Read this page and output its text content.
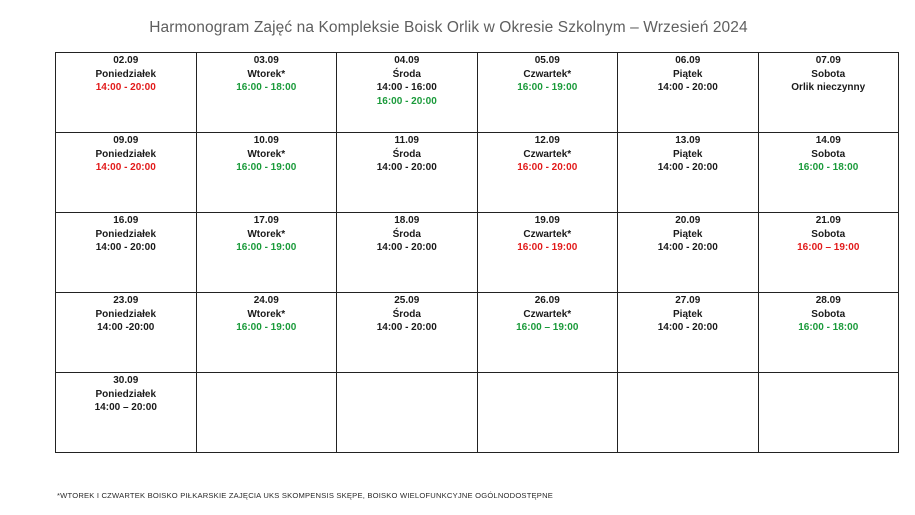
Harmonogram Zajęć na Kompleksie Boisk Orlik w Okresie Szkolnym – Wrzesień 2024
02.09
Poniedziałek
14:00 - 20:00	03.09
Wtorek*
16:00 - 18:00	04.09
Środa
14:00 - 16:00
16:00 - 20:00	05.09
Czwartek*
16:00 - 19:00	06.09
Piątek
14:00 - 20:00	07.09
Sobota
Orlik nieczynny

09.09
Poniedziałek
14:00 - 20:00	10.09
Wtorek*
16:00 - 19:00	11.09
Środa
14:00 - 20:00	12.09
Czwartek*
16:00 - 20:00	13.09
Piątek
14:00 - 20:00	14.09
Sobota
16:00 - 18:00

16.09
Poniedziałek
14:00 - 20:00	17.09
Wtorek*
16:00 - 19:00	18.09
Środa
14:00 - 20:00	19.09
Czwartek*
16:00 - 19:00	20.09
Piątek
14:00 - 20:00	21.09
Sobota
16:00 – 19:00

23.09
Poniedziałek
14:00 -20:00	24.09
Wtorek*
16:00 - 19:00	25.09
Środa
14:00 - 20:00	26.09
Czwartek*
16:00 – 19:00	27.09
Piątek
14:00 - 20:00	28.09
Sobota
16:00 - 18:00

30.09
Poniedziałek
14:00 – 20:00					

*WTOREK I CZWARTEK BOISKO PIŁKARSKIE ZAJĘCIA UKS SKOMPENSIS SKĘPE, BOISKO WIELOFUNKCYJNE OGÓLNODOSTĘPNE
